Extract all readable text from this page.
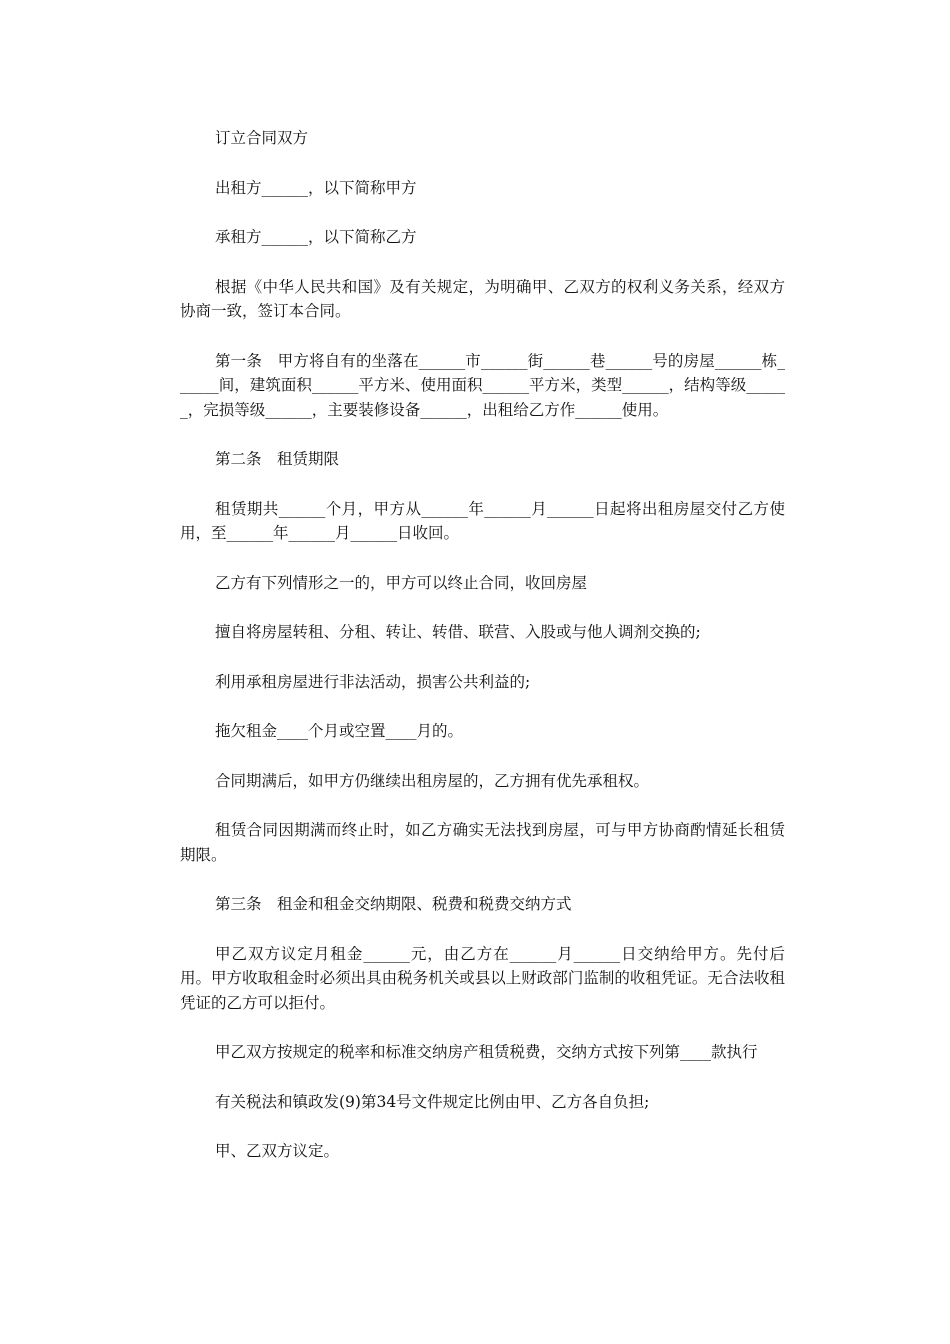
订立合同双方

出租方______，以下简称甲方

承租方______，以下简称乙方

根据《中华人民共和国》及有关规定，为明确甲、乙双方的权利义务关系，经双方协商一致，签订本合同。

第一条　甲方将自有的坐落在______市______街______巷______号的房屋______栋______间，建筑面积______平方米、使用面积______平方米，类型______，结构等级______，完损等级______，主要装修设备______，出租给乙方作______使用。

第二条　租赁期限

租赁期共______个月，甲方从______年______月______日起将出租房屋交付乙方使用，至______年______月______日收回。

乙方有下列情形之一的，甲方可以终止合同，收回房屋

擅自将房屋转租、分租、转让、转借、联营、入股或与他人调剂交换的;

利用承租房屋进行非法活动，损害公共利益的;

拖欠租金____个月或空置____月的。

合同期满后，如甲方仍继续出租房屋的，乙方拥有优先承租权。

租赁合同因期满而终止时，如乙方确实无法找到房屋，可与甲方协商酌情延长租赁期限。

第三条　租金和租金交纳期限、税费和税费交纳方式

甲乙双方议定月租金______元，由乙方在______月______日交纳给甲方。先付后用。甲方收取租金时必须出具由税务机关或县以上财政部门监制的收租凭证。无合法收租凭证的乙方可以拒付。

甲乙双方按规定的税率和标准交纳房产租赁税费，交纳方式按下列第____款执行

有关税法和镇政发(9)第34号文件规定比例由甲、乙方各自负担;

甲、乙双方议定。
